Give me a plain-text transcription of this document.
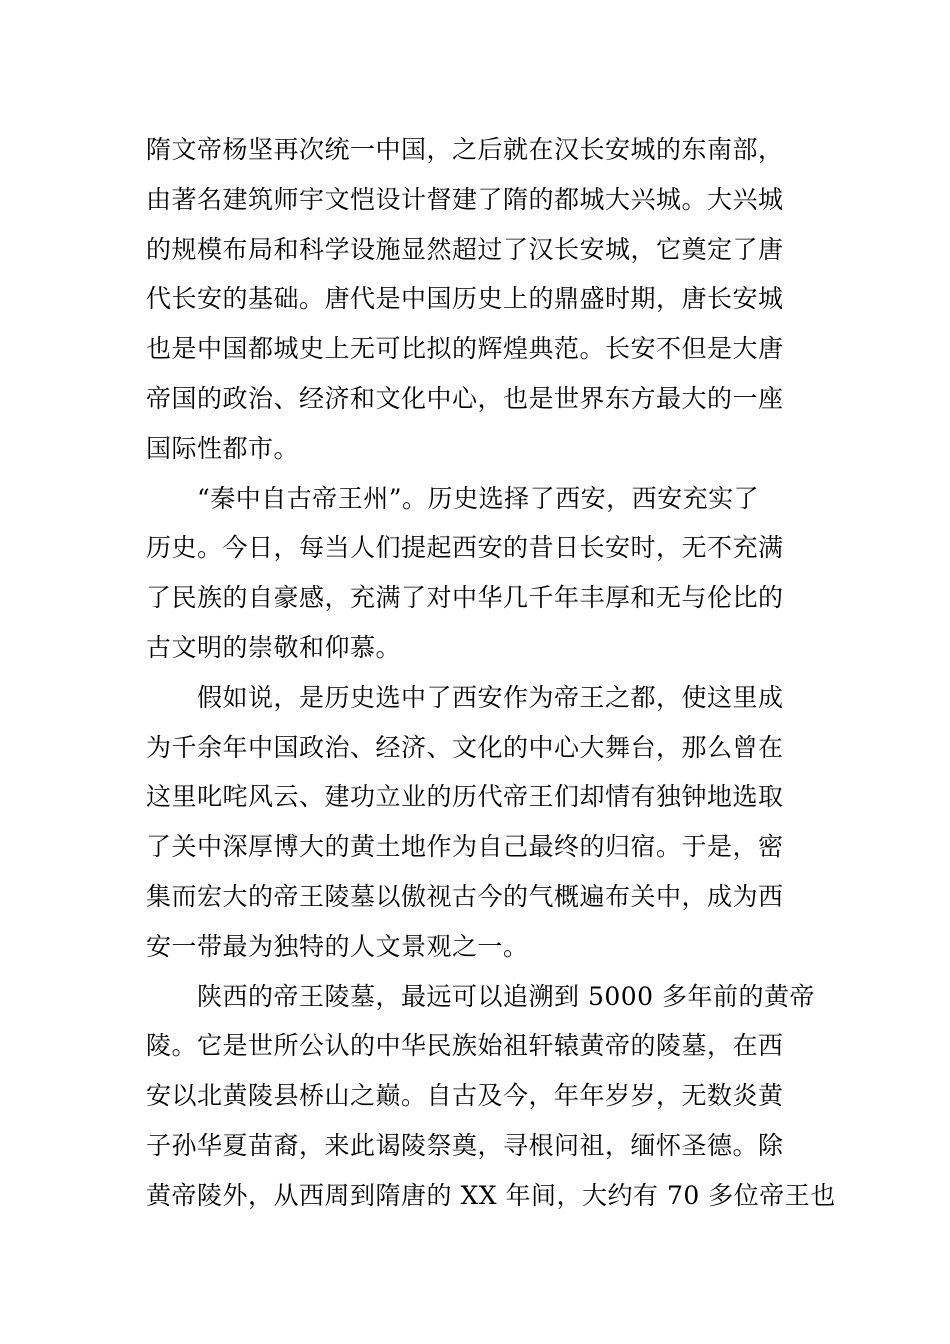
隋文帝杨坚再次统一中国，之后就在汉长安城的东南部，
由著名建筑师宇文恺设计督建了隋的都城大兴城。大兴城
的规模布局和科学设施显然超过了汉长安城，它奠定了唐
代长安的基础。唐代是中国历史上的鼎盛时期，唐长安城
也是中国都城史上无可比拟的辉煌典范。长安不但是大唐
帝国的政治、经济和文化中心，也是世界东方最大的一座
国际性都市。
　　“秦中自古帝王州”。历史选择了西安，西安充实了
历史。今日，每当人们提起西安的昔日长安时，无不充满
了民族的自豪感，充满了对中华几千年丰厚和无与伦比的
古文明的崇敬和仰慕。
　　假如说，是历史选中了西安作为帝王之都，使这里成
为千余年中国政治、经济、文化的中心大舞台，那么曾在
这里叱咤风云、建功立业的历代帝王们却情有独钟地选取
了关中深厚博大的黄土地作为自己最终的归宿。于是，密
集而宏大的帝王陵墓以傲视古今的气概遍布关中，成为西
安一带最为独特的人文景观之一。
　　陕西的帝王陵墓，最远可以追溯到 5000 多年前的黄帝
陵。它是世所公认的中华民族始祖轩辕黄帝的陵墓，在西
安以北黄陵县桥山之巅。自古及今，年年岁岁，无数炎黄
子孙华夏苗裔，来此谒陵祭奠，寻根问祖，缅怀圣德。除
黄帝陵外，从西周到隋唐的 XX 年间，大约有 70 多位帝王也
